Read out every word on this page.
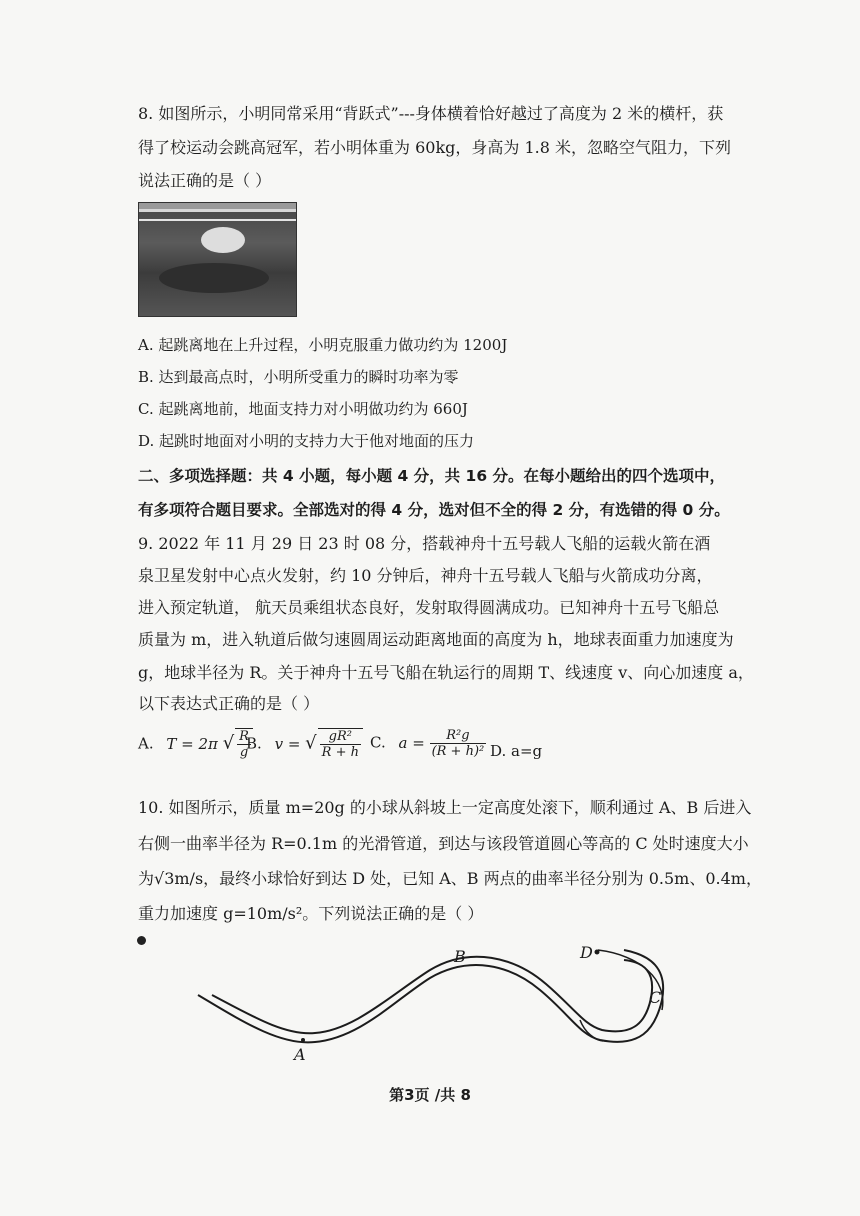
8. 如图所示，小明同常采用“背跃式”---身体横着恰好越过了高度为 2 米的横杆，获
得了校运动会跳高冠军，若小明体重为 60kg，身高为 1.8 米，忽略空气阻力，下列
说法正确的是（ ）
A. 起跳离地在上升过程，小明克服重力做功约为 1200J
B. 达到最高点时，小明所受重力的瞬时功率为零
C. 起跳离地前，地面支持力对小明做功约为 660J
D. 起跳时地面对小明的支持力大于他对地面的压力
二、多项选择题：共 4 小题，每小题 4 分，共 16 分。在每小题给出的四个选项中，
有多项符合题目要求。全部选对的得 4 分，选对但不全的得 2 分，有选错的得 0 分。
9. 2022 年 11 月 29 日 23 时 08 分，搭载神舟十五号载人飞船的运载火箭在酒
泉卫星发射中心点火发射，约 10 分钟后，神舟十五号载人飞船与火箭成功分离，
进入预定轨道， 航天员乘组状态良好，发射取得圆满成功。已知神舟十五号飞船总
质量为 m，进入轨道后做匀速圆周运动距离地面的高度为 h，地球表面重力加速度为
g，地球半径为 R。关于神舟十五号飞船在轨运行的周期 T、线速度 v、向心加速度 a，
以下表达式正确的是（ ）
A. T = 2π √ $\frac{R}{g}$
B. v = √ $\frac{\text{gR²}}{R + h} C$. $a = \frac{\text{R²g}}{\text{(R + h)²}} D$. a=g
10. 如图所示，质量 m=20g 的小球从斜坡上一定高度处滚下，顺利通过 A、B 后进入
右侧一曲率半径为 R=0.1m 的光滑管道，到达与该段管道圆心等高的 C 处时速度大小
为√3m/s，最终小球恰好到达 D 处，已知 A、B 两点的曲率半径分别为 0.5m、0.4m，
重力加速度 g=10m/s²。下列说法正确的是（ ）
A
B
C
D
第3页 /共 8
